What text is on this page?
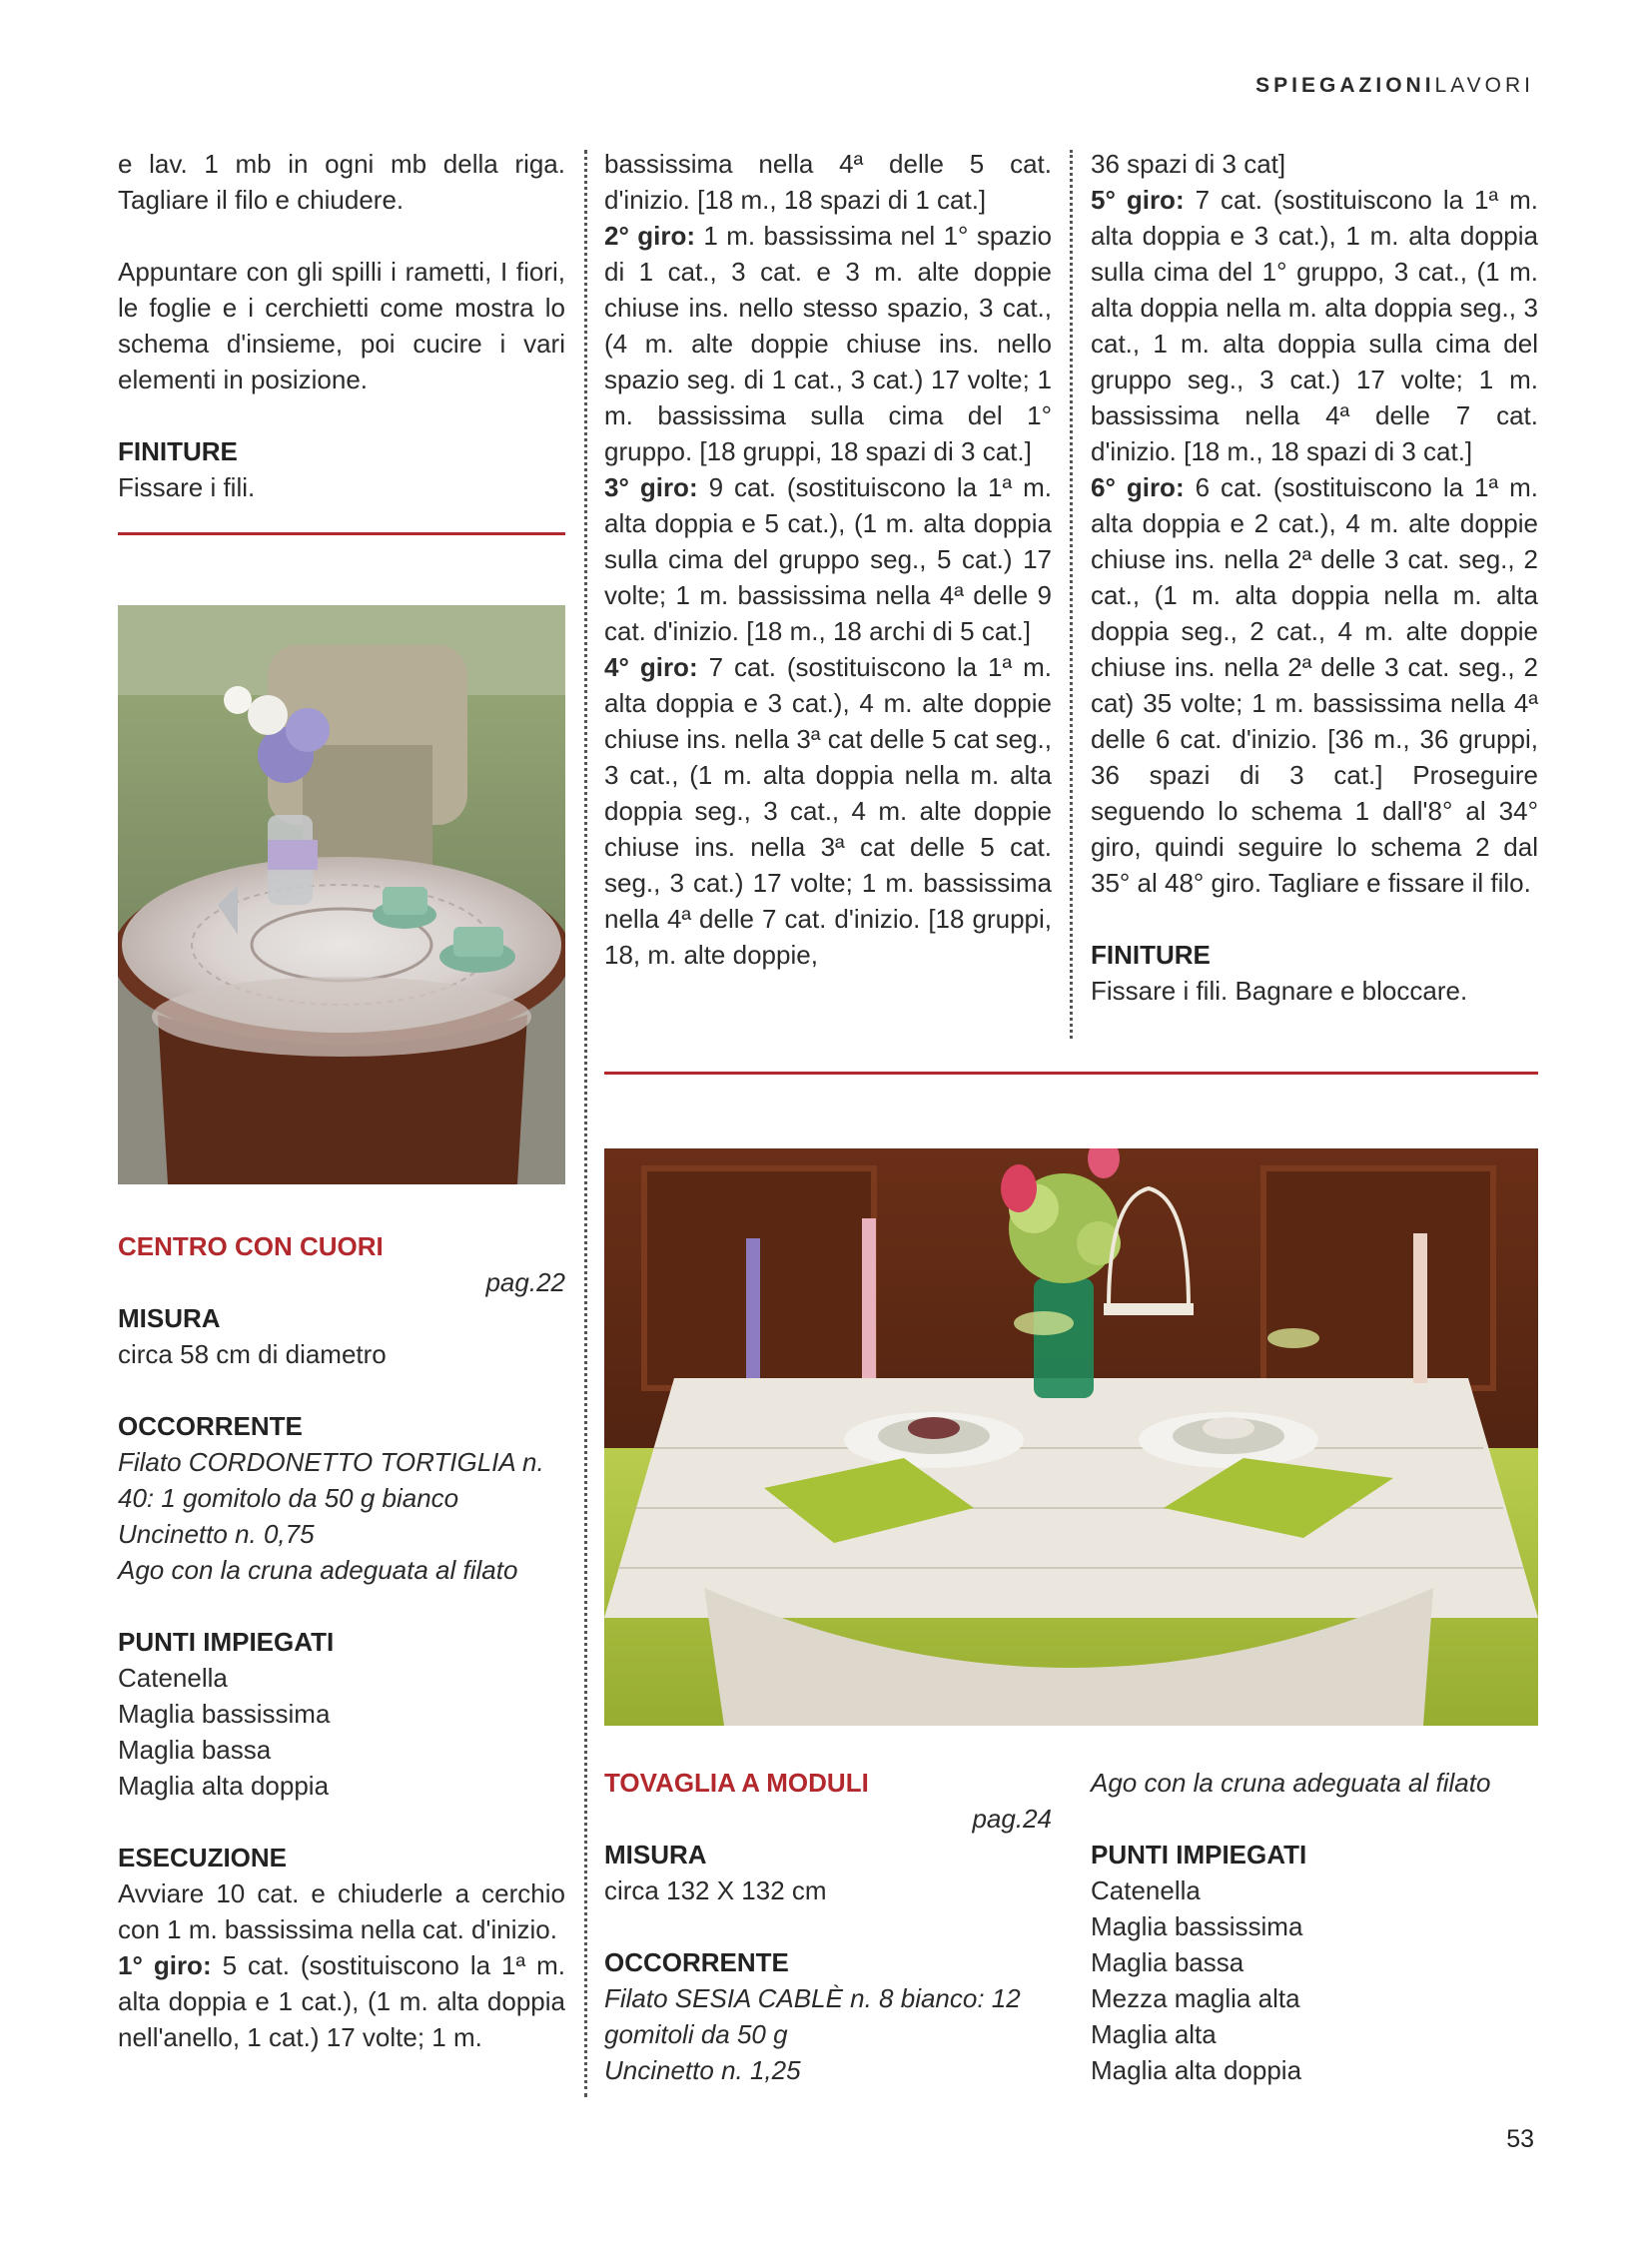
SPIEGAZIONILAVORI

e lav. 1 mb in ogni mb della riga. Tagliare il filo e chiudere.

Appuntare con gli spilli i rametti, I fiori, le foglie e i cerchietti come mostra lo schema d'insieme, poi cucire i vari elementi in posizione.

FINITURE

Fissare i fili.

CENTRO CON CUORI

pag.22

MISURA

circa 58 cm di diametro

OCCORRENTE

Filato CORDONETTO TORTIGLIA n. 40: 1 gomitolo da 50 g bianco

Uncinetto n. 0,75

Ago con la cruna adeguata al filato

PUNTI IMPIEGATI

Catenella

Maglia bassissima

Maglia bassa

Maglia alta doppia

ESECUZIONE

Avviare 10 cat. e chiuderle a cerchio con 1 m. bassissima nella cat. d'inizio.

1° giro: 5 cat. (sostituiscono la 1ª m. alta doppia e 1 cat.), (1 m. alta doppia nell'anello, 1 cat.) 17 volte; 1 m.

bassissima nella 4ª delle 5 cat. d'inizio. [18 m., 18 spazi di 1 cat.]

2° giro: 1 m. bassissima nel 1° spazio di 1 cat., 3 cat. e 3 m. alte doppie chiuse ins. nello stesso spazio, 3 cat., (4 m. alte doppie chiuse ins. nello spazio seg. di 1 cat., 3 cat.) 17 volte; 1 m. bassissima sulla cima del 1° gruppo. [18 gruppi, 18 spazi di 3 cat.]

3° giro: 9 cat. (sostituiscono la 1ª m. alta doppia e 5 cat.), (1 m. alta doppia sulla cima del gruppo seg., 5 cat.) 17 volte; 1 m. bassissima nella 4ª delle 9 cat. d'inizio. [18 m., 18 archi di 5 cat.]

4° giro: 7 cat. (sostituiscono la 1ª m. alta doppia e 3 cat.), 4 m. alte doppie chiuse ins. nella 3ª cat delle 5 cat seg., 3 cat., (1 m. alta doppia nella m. alta doppia seg., 3 cat., 4 m. alte doppie chiuse ins. nella 3ª cat delle 5 cat. seg., 3 cat.) 17 volte; 1 m. bassissima nella 4ª delle 7 cat. d'inizio. [18 gruppi, 18, m. alte doppie,

36 spazi di 3 cat]

5° giro: 7 cat. (sostituiscono la 1ª m. alta doppia e 3 cat.), 1 m. alta doppia sulla cima del 1° gruppo, 3 cat., (1 m. alta doppia nella m. alta doppia seg., 3 cat., 1 m. alta doppia sulla cima del gruppo seg., 3 cat.) 17 volte; 1 m. bassissima nella 4ª delle 7 cat. d'inizio. [18 m., 18 spazi di 3 cat.]

6° giro: 6 cat. (sostituiscono la 1ª m. alta doppia e 2 cat.), 4 m. alte doppie chiuse ins. nella 2ª delle 3 cat. seg., 2 cat., (1 m. alta doppia nella m. alta doppia seg., 2 cat., 4 m. alte doppie chiuse ins. nella 2ª delle 3 cat. seg., 2 cat) 35 volte; 1 m. bassissima nella 4ª delle 6 cat. d'inizio. [36 m., 36 gruppi, 36 spazi di 3 cat.] Proseguire seguendo lo schema 1 dall'8° al 34° giro, quindi seguire lo schema 2 dal 35° al 48° giro. Tagliare e fissare il filo.

FINITURE

Fissare i fili. Bagnare e bloccare.

TOVAGLIA A MODULI

pag.24

MISURA

circa 132 X 132 cm

OCCORRENTE

Filato SESIA CABLÈ n. 8 bianco: 12 gomitoli da 50 g

Uncinetto n. 1,25

Ago con la cruna adeguata al filato

PUNTI IMPIEGATI

Catenella

Maglia bassissima

Maglia bassa

Mezza maglia alta

Maglia alta

Maglia alta doppia

53
